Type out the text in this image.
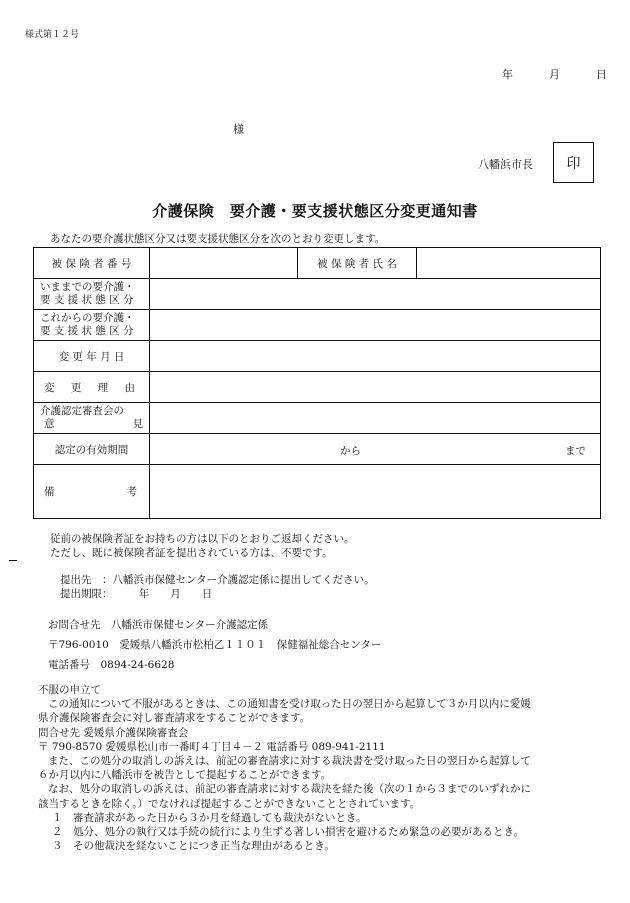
様式第１２号
年	月	日
様
八幡浜市長 印
介護保険　要介護・要支援状態区分変更通知書
あなたの要介護状態区分又は要支援状態区分を次のとおり変更します。
被 保 険 者 番 号		被 保 険 者 氏 名	

いままでの要介護・
要 支 援 状 態 区 分			

これからの要介護・
要 支 援 状 態 区 分			

変 更 年 月 日			

変 更 理 由			

介護認定審査会の
意 見			

認定の有効期間	から まで		

備 考			

従前の被保険者証をお持ちの方は以下のとおりご返却ください。
ただし、既に被保険者証を提出されている方は、不要です。
提出先　：八幡浜市保健センター介護認定係に提出してください。
提出期限：　　　年　　月　　日
お問合せ先　八幡浜市保健センター介護認定係
〒796-0010　愛媛県八幡浜市松柏乙１１０１　保健福祉総合センター
電話番号　0894-24-6628
不服の申立て
この通知について不服があるときは、この通知書を受け取った日の翌日から起算して３か月以内に愛媛
県介護保険審査会に対し審査請求をすることができます。
問合せ先 愛媛県介護保険審査会
〒 790-8570 愛媛県松山市一番町４丁目４－２ 電話番号 089-941-2111
また、この処分の取消しの訴えは、前記の審査請求に対する裁決書を受け取った日の翌日から起算して
６か月以内に八幡浜市を被告として提起することができます。
なお、処分の取消しの訴えは、前記の審査請求に対する裁決を経た後（次の１から３までのいずれかに
該当するときを除く。）でなければ提起することができないこととされています。
１　審査請求があった日から３か月を経過しても裁決がないとき。
２　処分、処分の執行又は手続の続行により生ずる著しい損害を避けるため緊急の必要があるとき。
３　その他裁決を経ないことにつき正当な理由があるとき。
